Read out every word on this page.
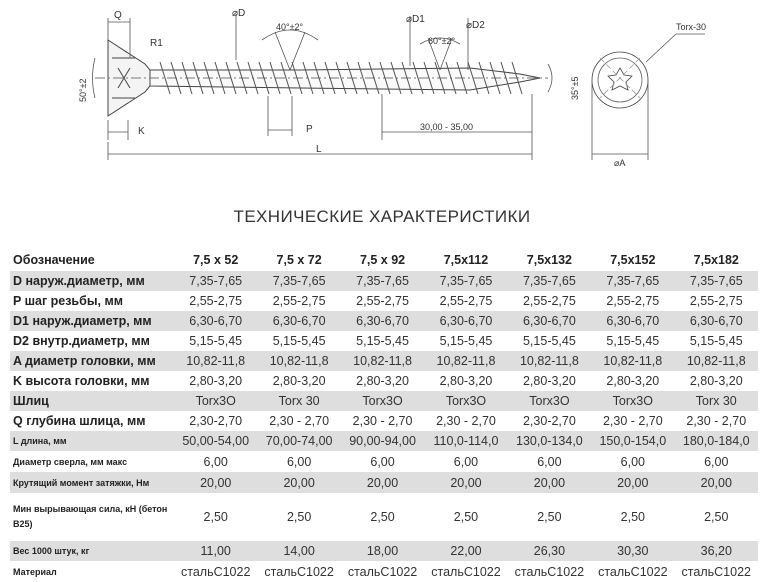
Q
R1
⌀D
40°±2°
⌀D1
⌀D2
60°±2°
50°±2
K	P	30,00 - 35,00
L
35°±5
Torx-30
⌀A
ТЕХНИЧЕСКИЕ ХАРАКТЕРИСТИКИ
Обозначение	7,5 x 52	7,5 x 72	7,5 x 92	7,5x112	7,5x132	7,5x152	7,5x182
D наруж.диаметр, мм	7,35-7,65	7,35-7,65	7,35-7,65	7,35-7,65	7,35-7,65	7,35-7,65	7,35-7,65
P шаг резьбы, мм	2,55-2,75	2,55-2,75	2,55-2,75	2,55-2,75	2,55-2,75	2,55-2,75	2,55-2,75
D1 наруж.диаметр, мм	6,30-6,70	6,30-6,70	6,30-6,70	6,30-6,70	6,30-6,70	6,30-6,70	6,30-6,70
D2 внутр.диаметр, мм	5,15-5,45	5,15-5,45	5,15-5,45	5,15-5,45	5,15-5,45	5,15-5,45	5,15-5,45
A диаметр головки, мм	10,82-11,8	10,82-11,8	10,82-11,8	10,82-11,8	10,82-11,8	10,82-11,8	10,82-11,8
K высота головки, мм	2,80-3,20	2,80-3,20	2,80-3,20	2,80-3,20	2,80-3,20	2,80-3,20	2,80-3,20
Шлиц	Torx3O	Torx 30	Torx3O	Torx3O	Torx3O	Torx3O	Torx 30
Q глубина шлица, мм	2,30-2,70	2,30 - 2,70	2,30 - 2,70	2,30 - 2,70	2,30-2,70	2,30 - 2,70	2,30 - 2,70
L длина, мм	50,00-54,00	70,00-74,00	90,00-94,00	110,0-114,0	130,0-134,0	150,0-154,0	180,0-184,0
Диаметр сверла, мм макс	6,00	6,00	6,00	6,00	6,00	6,00	6,00
Крутящий момент затяжки, Нм	20,00	20,00	20,00	20,00	20,00	20,00	20,00
Мин вырывающая сила, кН (бетон B25)	2,50	2,50	2,50	2,50	2,50	2,50	2,50
Вес 1000 штук, кг	11,00	14,00	18,00	22,00	26,30	30,30	36,20
Материал	стальC1022	стальC1022	стальC1022	стальC1022	стальC1022	стальC1022	стальC1022
